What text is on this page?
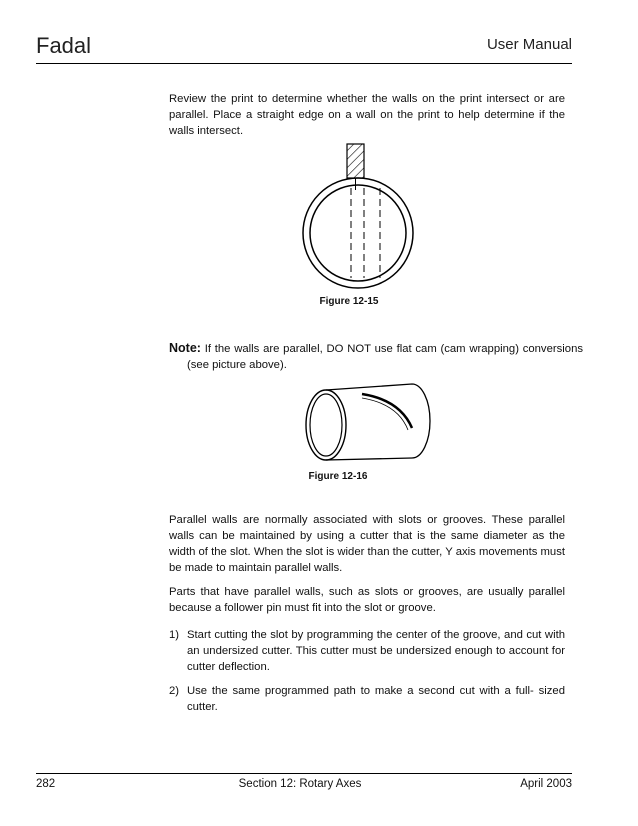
Fadal	User Manual
Review the print to determine whether the walls on the print intersect or are parallel. Place a straight edge on a wall on the print to help determine if the walls intersect.
Figure 12-15
Note: If the walls are parallel, DO NOT use flat cam (cam wrapping) conversions (see picture above).
Figure 12-16
Parallel walls are normally associated with slots or grooves. These parallel walls can be maintained by using a cutter that is the same diameter as the width of the slot. When the slot is wider than the cutter, Y axis movements must be made to maintain parallel walls.
Parts that have parallel walls, such as slots or grooves, are usually parallel because a follower pin must fit into the slot or groove.
1) Start cutting the slot by programming the center of the groove, and cut with an undersized cutter. This cutter must be undersized enough to account for cutter deflection.
2) Use the same programmed path to make a second cut with a full- sized cutter.
282	Section 12: Rotary Axes	April 2003
